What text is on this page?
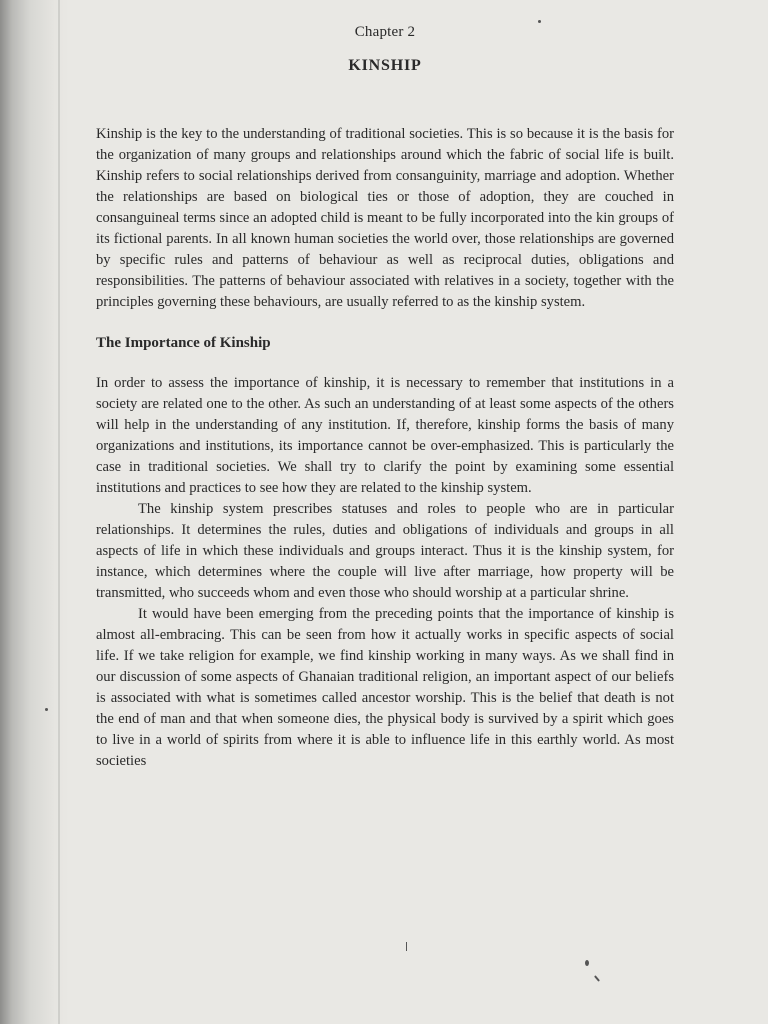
Chapter 2
KINSHIP

Kinship is the key to the understanding of traditional societies. This is so because it is the basis for the organization of many groups and relationships around which the fabric of social life is built. Kinship refers to social relationships derived from consanguinity, marriage and adoption. Whether the relationships are based on biological ties or those of adoption, they are couched in consanguineal terms since an adopted child is meant to be fully incorporated into the kin groups of its fictional parents. In all known human societies the world over, those relationships are governed by specific rules and patterns of behaviour as well as reciprocal duties, obligations and responsibilities. The patterns of behaviour associated with relatives in a society, together with the principles governing these behaviours, are usually referred to as the kinship system.

The Importance of Kinship

In order to assess the importance of kinship, it is necessary to remember that institutions in a society are related one to the other. As such an understanding of at least some aspects of the others will help in the understanding of any institution. If, therefore, kinship forms the basis of many organizations and institutions, its importance cannot be over-emphasized. This is particularly the case in traditional societies. We shall try to clarify the point by examining some essential institutions and practices to see how they are related to the kinship system.

The kinship system prescribes statuses and roles to people who are in particular relationships. It determines the rules, duties and obligations of individuals and groups in all aspects of life in which these individuals and groups interact. Thus it is the kinship system, for instance, which determines where the couple will live after marriage, how property will be transmitted, who succeeds whom and even those who should worship at a particular shrine.

It would have been emerging from the preceding points that the importance of kinship is almost all-embracing. This can be seen from how it actually works in specific aspects of social life. If we take religion for example, we find kinship working in many ways. As we shall find in our discussion of some aspects of Ghanaian traditional religion, an important aspect of our beliefs is associated with what is sometimes called ancestor worship. This is the belief that death is not the end of man and that when someone dies, the physical body is survived by a spirit which goes to live in a world of spirits from where it is able to influence life in this earthly world. As most societies
